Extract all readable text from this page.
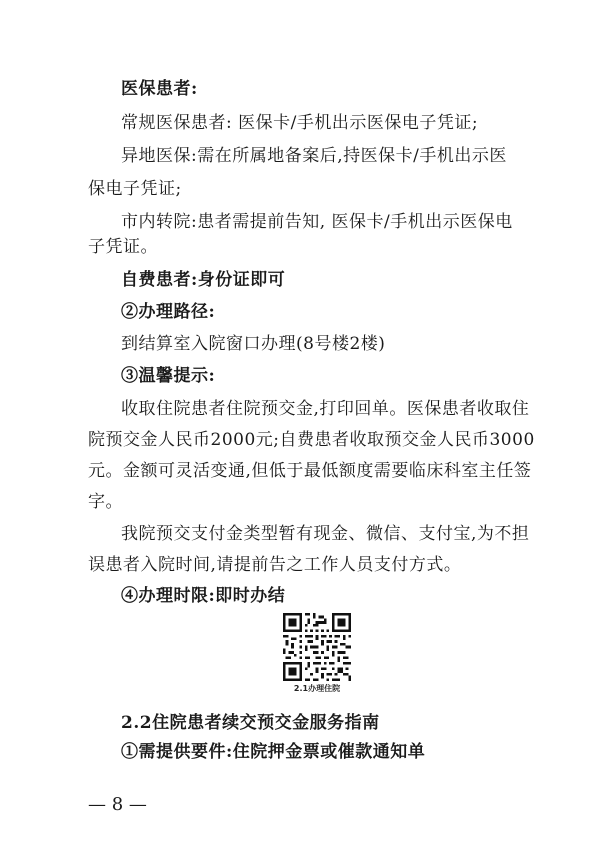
医保患者:
常规医保患者: 医保卡/手机出示医保电子凭证;
异地医保:需在所属地备案后,持医保卡/手机出示医
保电子凭证;
市内转院:患者需提前告知, 医保卡/手机出示医保电
子凭证。
自费患者:身份证即可
②办理路径:
到结算室入院窗口办理(8号楼2楼)
③温馨提示:
收取住院患者住院预交金,打印回单。医保患者收取住
院预交金人民币2000元;自费患者收取预交金人民币3000
元。金额可灵活变通,但低于最低额度需要临床科室主任签
字。
我院预交支付金类型暂有现金、微信、支付宝,为不担
误患者入院时间,请提前告之工作人员支付方式。
④办理时限:即时办结
2.1办理住院
2.2住院患者续交预交金服务指南
①需提供要件:住院押金票或催款通知单
— 8 —
